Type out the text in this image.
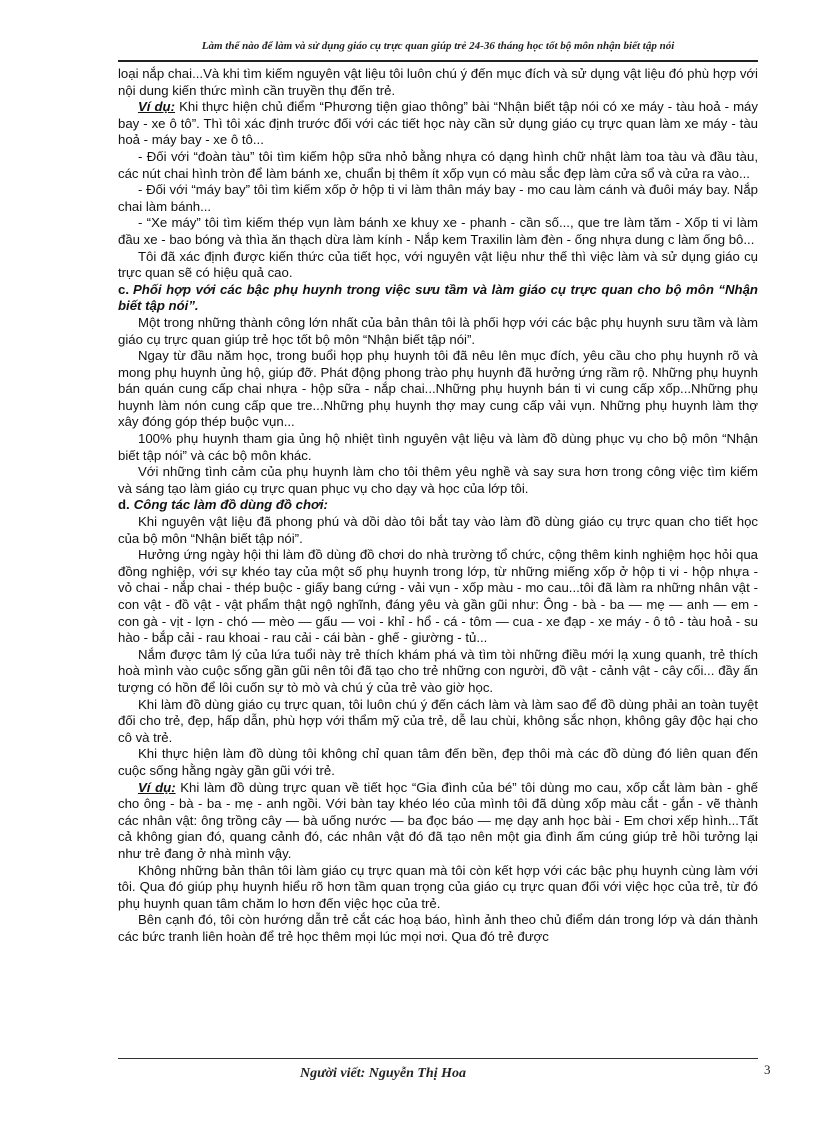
Làm thế nào để làm và sử dụng giáo cụ trực quan giúp trẻ 24-36 tháng học tốt bộ môn nhận biết tập nói

loại nắp chai...Và khi tìm kiếm nguyên vật liệu tôi luôn chú ý đến mục đích và sử dụng vật liệu đó phù hợp với nội dung kiến thức mình cần truyền thụ đến trẻ.

Ví dụ: Khi thực hiện chủ điểm “Phương tiện giao thông” bài “Nhận biết tập nói có xe máy - tàu hoả - máy bay - xe ô tô”. Thì tôi xác định trước đối với các tiết học này cần sử dụng giáo cụ trực quan làm xe máy - tàu hoả - máy bay - xe ô tô...

- Đối với “đoàn tàu” tôi tìm kiếm hộp sữa nhỏ bằng nhựa có dạng hình chữ nhật làm toa tàu và đầu tàu, các nút chai hình tròn để làm bánh xe, chuẩn bị thêm ít xốp vụn có màu sắc đẹp làm cửa sổ và cửa ra vào...

- Đối với “máy bay” tôi tìm kiếm xốp ở hộp ti vi làm thân máy bay - mo cau làm cánh và đuôi máy bay. Nắp chai làm bánh...

- “Xe máy” tôi tìm kiếm thép vụn làm bánh xe khuy xe - phanh - cần số..., que tre làm tăm - Xốp ti vi làm đầu xe - bao bóng và thìa ăn thạch dừa làm kính - Nắp kem Traxilin làm đèn - ống nhựa dung c làm ống bô...

Tôi đã xác định được kiến thức của tiết học, với nguyên vật liệu như thế thì việc làm và sử dụng giáo cụ trực quan sẽ có hiệu quả cao.

c. Phối hợp với các bậc phụ huynh trong việc sưu tầm và làm giáo cụ trực quan cho bộ môn “Nhận biết tập nói”.

Một trong những thành công lớn nhất của bản thân tôi là phối hợp với các bậc phụ huynh sưu tầm và làm giáo cụ trực quan giúp trẻ học tốt bộ môn “Nhận biết tập nói”.

Ngay từ đầu năm học, trong buổi họp phụ huynh tôi đã nêu lên mục đích, yêu cầu cho phụ huynh rõ và mong phụ huynh ủng hộ, giúp đỡ. Phát động phong trào phụ huynh đã hưởng ứng rầm rộ. Những phụ huynh bán quán cung cấp chai nhựa - hộp sữa - nắp chai...Những phụ huynh bán ti vi cung cấp xốp...Những phụ huynh làm nón cung cấp que tre...Những phụ huynh thợ may cung cấp vải vụn. Những phụ huynh làm thợ xây đóng góp thép buộc vụn...

100% phụ huynh tham gia ủng hộ nhiệt tình nguyên vật liệu và làm đồ dùng phục vụ cho bộ môn “Nhận biết tập nói” và các bộ môn khác.

Với những tình cảm của phụ huynh làm cho tôi thêm yêu nghề và say sưa hơn trong công việc tìm kiếm và sáng tạo làm giáo cụ trực quan phục vụ cho dạy và học của lớp tôi.

d. Công tác làm đồ dùng đồ chơi:

Khi nguyên vật liệu đã phong phú và dồi dào tôi bắt tay vào làm đồ dùng giáo cụ trực quan cho tiết học của bộ môn “Nhận biết tập nói”.

Hưởng ứng ngày hội thi làm đồ dùng đồ chơi do nhà trường tổ chức, cộng thêm kinh nghiệm học hỏi qua đồng nghiệp, với sự khéo tay của một số phụ huynh trong lớp, từ những miếng xốp ở hộp ti vi - hộp nhựa - vỏ chai - nắp chai - thép buộc - giấy bang cứng - vải vụn - xốp màu - mo cau...tôi đã làm ra những nhân vật - con vật - đồ vật - vật phẩm thật ngộ nghĩnh, đáng yêu và gần gũi như: Ông - bà - ba — mẹ — anh — em - con gà - vịt - lợn - chó — mèo — gấu — voi - khỉ - hổ - cá - tôm — cua - xe đạp - xe máy - ô tô - tàu hoả - su hào - bắp cải - rau khoai - rau cải - cái bàn - ghế - giường - tủ...

Nắm được tâm lý của lứa tuổi này trẻ thích khám phá và tìm tòi những điều mới lạ xung quanh, trẻ thích hoà mình vào cuộc sống gần gũi nên tôi đã tạo cho trẻ những con người, đồ vật - cảnh vật - cây cối... đầy ấn tượng có hồn để lôi cuốn sự tò mò và chú ý của trẻ vào giờ học.

Khi làm đồ dùng giáo cụ trực quan, tôi luôn chú ý đến cách làm và làm sao để đồ dùng phải an toàn tuyệt đối cho trẻ, đẹp, hấp dẫn, phù hợp với thẩm mỹ của trẻ, dễ lau chùi, không sắc nhọn, không gây độc hại cho cô và trẻ.

Khi thực hiện làm đồ dùng tôi không chỉ quan tâm đến bền, đẹp thôi mà các đồ dùng đó liên quan đến cuộc sống hằng ngày gần gũi với trẻ.

Ví dụ: Khi làm đồ dùng trực quan về tiết học “Gia đình của bé” tôi dùng mo cau, xốp cắt làm bàn - ghế cho ông - bà - ba - mẹ - anh ngồi. Với bàn tay khéo léo của mình tôi đã dùng xốp màu cắt - gắn - vẽ thành các nhân vật: ông trồng cây — bà uống nước — ba đọc báo — mẹ dạy anh học bài - Em chơi xếp hình...Tất cả không gian đó, quang cảnh đó, các nhân vật đó đã tạo nên một gia đình ấm cúng giúp trẻ hồi tưởng lại như trẻ đang ở nhà mình vậy.

Không những bản thân tôi làm giáo cụ trực quan mà tôi còn kết hợp với các bậc phụ huynh cùng làm với tôi. Qua đó giúp phụ huynh hiểu rõ hơn tầm quan trọng của giáo cụ trực quan đối với việc học của trẻ, từ đó phụ huynh quan tâm chăm lo hơn đến việc học của trẻ.

Bên cạnh đó, tôi còn hướng dẫn trẻ cắt các hoạ báo, hình ảnh theo chủ điểm dán trong lớp và dán thành các bức tranh liên hoàn để trẻ học thêm mọi lúc mọi nơi. Qua đó trẻ được

Người viết: Nguyễn Thị Hoa	3
